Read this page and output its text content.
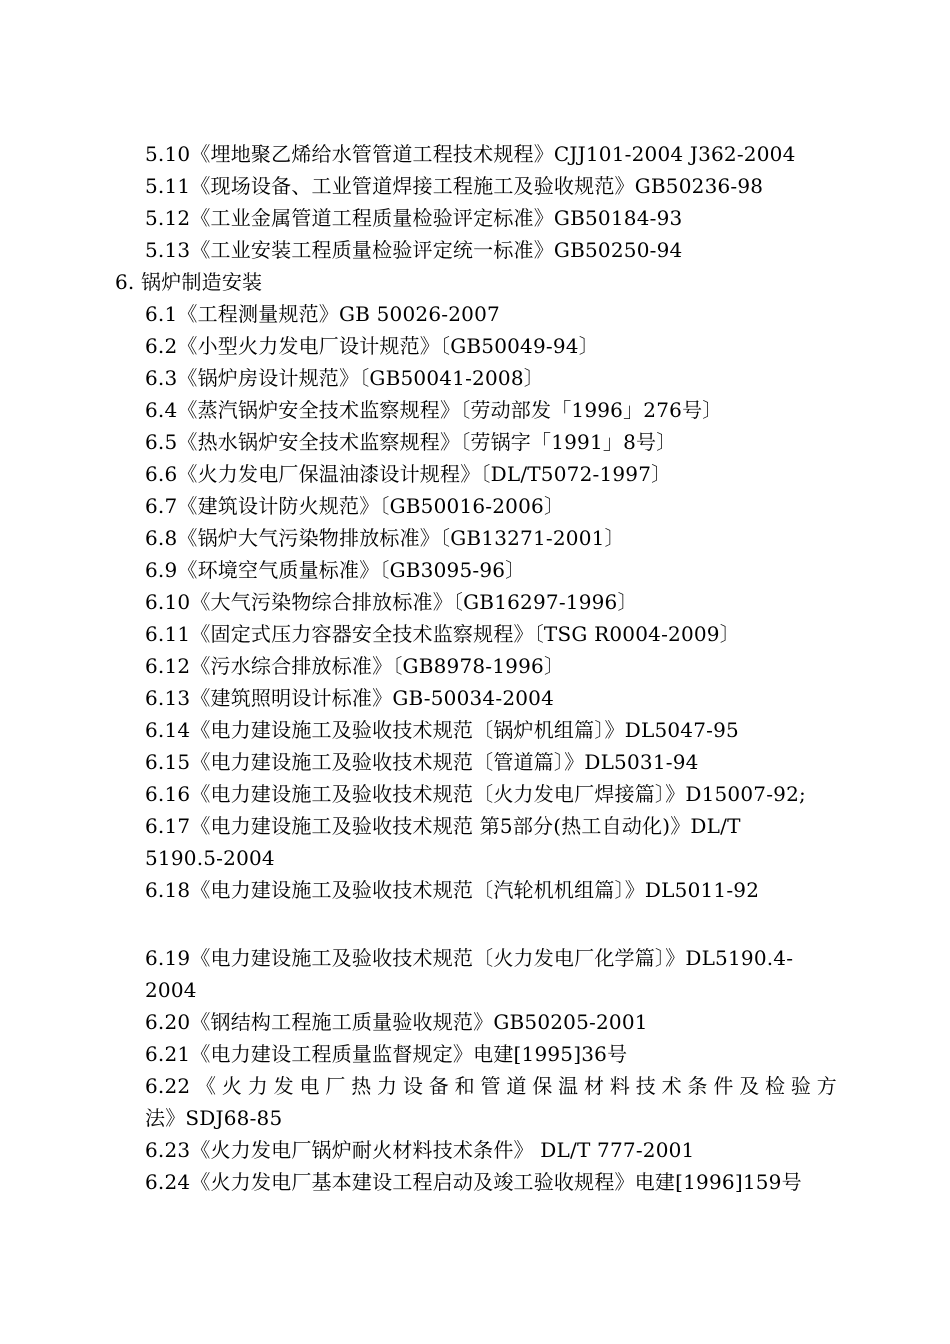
5.10《埋地聚乙烯给水管管道工程技术规程》CJJ101-2004 J362-2004
5.11《现场设备、工业管道焊接工程施工及验收规范》GB50236-98
5.12《工业金属管道工程质量检验评定标准》GB50184-93
5.13《工业安装工程质量检验评定统一标准》GB50250-94
6. 锅炉制造安装
6.1《工程测量规范》GB 50026-2007
6.2《小型火力发电厂设计规范》〔GB50049-94〕
6.3《锅炉房设计规范》〔GB50041-2008〕
6.4《蒸汽锅炉安全技术监察规程》〔劳动部发「1996」276号〕
6.5《热水锅炉安全技术监察规程》〔劳锅字「1991」8号〕
6.6《火力发电厂保温油漆设计规程》〔DL/T5072-1997〕
6.7《建筑设计防火规范》〔GB50016-2006〕
6.8《锅炉大气污染物排放标准》〔GB13271-2001〕
6.9《环境空气质量标准》〔GB3095-96〕
6.10《大气污染物综合排放标准》〔GB16297-1996〕
6.11《固定式压力容器安全技术监察规程》〔TSG R0004-2009〕
6.12《污水综合排放标准》〔GB8978-1996〕
6.13《建筑照明设计标准》GB-50034-2004
6.14《电力建设施工及验收技术规范〔锅炉机组篇〕》DL5047-95
6.15《电力建设施工及验收技术规范〔管道篇〕》DL5031-94
6.16《电力建设施工及验收技术规范〔火力发电厂焊接篇〕》D15007-92;
6.17《电力建设施工及验收技术规范 第5部分(热工自动化)》DL/T
5190.5-2004
6.18《电力建设施工及验收技术规范〔汽轮机机组篇〕》DL5011-92
6.19《电力建设施工及验收技术规范〔火力发电厂化学篇〕》DL5190.4-
2004
6.20《钢结构工程施工质量验收规范》GB50205-2001
6.21《电力建设工程质量监督规定》电建[1995]36号
6.22《火力发电厂热力设备和管道保温材料技术条件及检验方
法》SDJ68-85
6.23《火力发电厂锅炉耐火材料技术条件》 DL/T 777-2001
6.24《火力发电厂基本建设工程启动及竣工验收规程》电建[1996]159号
